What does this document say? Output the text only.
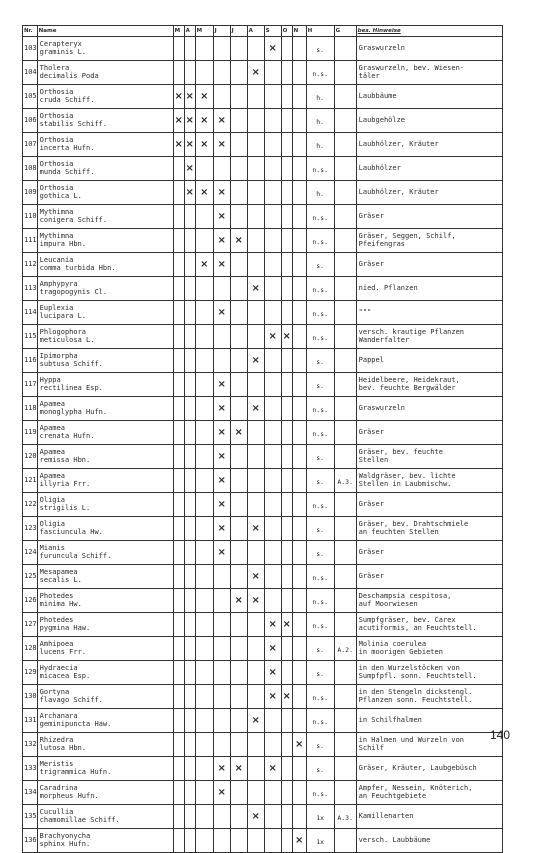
Nr.	Name	M	A	M	J	J	A	S	O	N	H	G	bes. Hinweise
103	Cerapteryx
graminis L.							×			s.		Graswurzeln

104	Tholera
decimalis Poda						×				n.s.		Graswurzeln, bev. Wiesen-
täler

105	Orthosia
cruda Schiff.	×	×	×							h.		Laubbäume

106	Orthosia
stabilis Schiff.	×	×	×	×						h.		Laubgehölze

107	Orthosia
incerta Hufn.	×	×	×	×						h.		Laubhölzer, Kräuter

108	Orthosia
munda Schiff.		×								n.s.		Laubhölzer

109	Orthosia
gothica L.		×	×	×						h.		Laubhölzer, Kräuter

110	Mythimna
conigera Schiff.				×						n.s.		Gräser

111	Mythimna
impura Hbn.				×	×					n.s.		Gräser, Seggen, Schilf,
Pfeifengras

112	Leucania
comma turbida Hbn.			×	×						s.		Gräser

113	Amphypyra
tragopogynis Cl.						×				n.s.		nied. Pflanzen

114	Euplexia
lucipara L.				×						n.s.		"""

115	Phlogophora
meticulosa L.							×	×		n.s.		versch. krautige Pflanzen
Wanderfalter

116	Ipimorpha
subtusa Schiff.						×				s.		Pappel

117	Hyppa
rectilinea Esp.				×						s.		Heidelbeere, Heidekraut,
bev. feuchte Bergwälder

118	Apamea
monoglypha Hufn.				×		×				n.s.		Graswurzeln

119	Apamea
crenata Hufn.				×	×					n.s.		Gräser

120	Apamea
remissa Hbn.				×						s.		Gräser, bev. feuchte
Stellen

121	Apamea
illyria Frr.				×						s.	A.3.	Waldgräser, bev. lichte
Stellen in Laubmischw.

122	Oligia
strigilis L.				×						n.s.		Gräser

123	Oligia
fasciuncula Hw.				×		×				s.		Gräser, bev. Drahtschmiele
an feuchten Stellen

124	Mianis
furuncula Schiff.				×						s.		Gräser

125	Mesapamea
secalis L.						×				n.s.		Gräser

126	Photedes
minima Hw.					×	×				n.s.		Deschampsia cespitosa,
auf Moorwiesen

127	Photedes
pygmina Haw.							×	×		n.s.		Sumpfgräser, bev. Carex
acutiformis, an Feuchtstell.

128	Amhipoea
lucens Frr.							×			s.	A.2.	Molinia coerulea
in moorigen Gebieten

129	Hydraecia
micacea Esp.							×			s.		in den Wurzelstöcken von
Sumpfpfl. sonn. Feuchtstell.

130	Gortyna
flavago Schiff.							×	×		n.s.		in den Stengeln dickstengl.
Pflanzen sonn. Feuchtstell.

131	Archanara
geminipuncta Haw.						×				n.s.		in Schilfhalmen

132	Rhizedra
lutosa Hbn.									×	s.		in Halmen und Wurzeln von
Schilf

133	Meristis
trigrammica Hufn.				×	×		×			s.		Gräser, Kräuter, Laubgebüsch

134	Caradrina
morpheus Hufn.				×						n.s.		Ampfer, Nessein, Knöterich,
an Feuchtgebiete

135	Cucullia
chamomillae Schiff.						×				1x	A.3.	Kamillenarten

136	Brachyonycha
sphinx Hufn.									×	1x		versch. Laubbäume
140
